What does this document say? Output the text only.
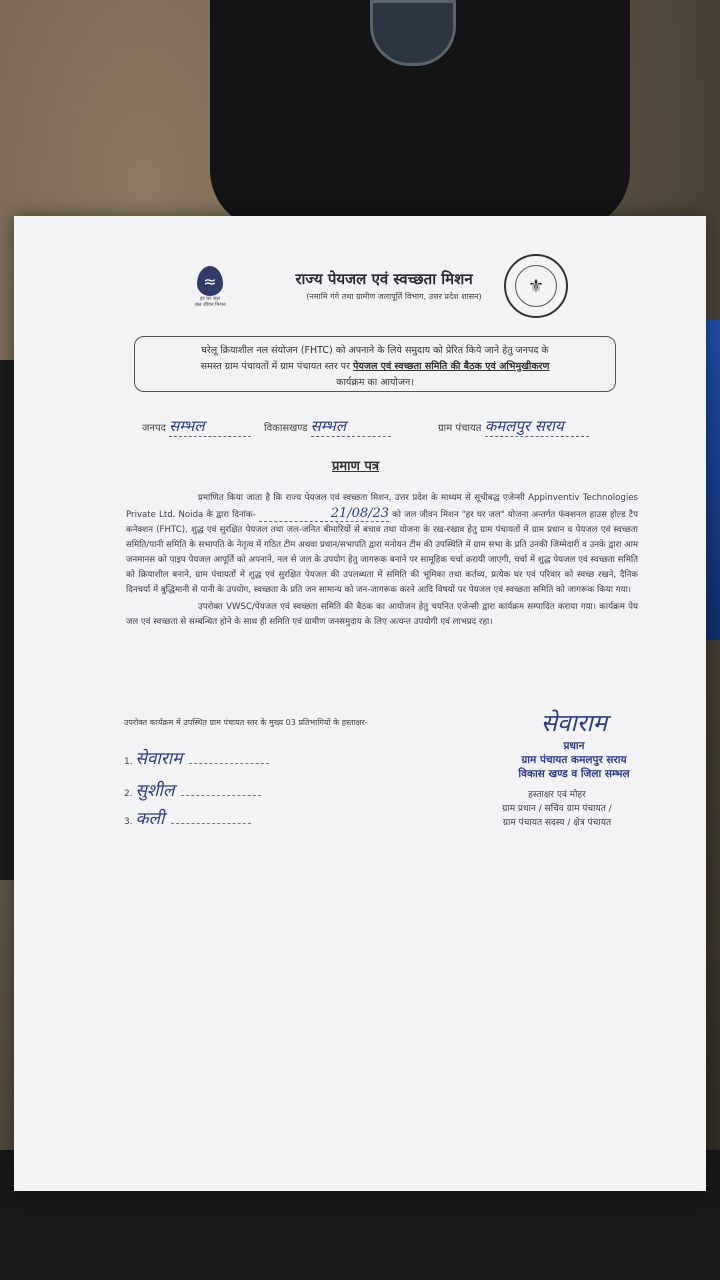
≈
हर घर जल
जल जीवन मिशन
राज्य पेयजल एवं स्वच्छता मिशन
(नमामि गंगे तथा ग्रामीण जलापूर्ति विभाग, उत्तर प्रदेश शासन)	⚜
घरेलू क्रियाशील नल संयोजन (FHTC) को अपनाने के लिये समुदाय को प्रेरित किये जाने हेतु जनपद के
समस्त ग्राम पंचायतों में ग्राम पंचायत स्तर पर पेयजल एवं स्वच्छता समिति की बैठक एवं अभिमुखीकरण
कार्यक्रम का आयोजन।
जनपद सम्भल	विकासखण्ड सम्भल	ग्राम पंचायत कमलपुर सराय
प्रमाण पत्र

प्रमाणित किया जाता है कि राज्य पेयजल एवं स्वच्छता मिशन, उत्तर प्रदेश के माध्यम से सूचीबद्ध एजेन्सी Appinventiv Technologies Private Ltd. Noida के द्वारा दिनांक-	21/08/23 को जल जीवन मिशन "हर घर जल" योजना अन्तर्गत फंक्शनल हाउस होल्ड टैप कनेक्शन (FHTC), शुद्ध एवं सुरक्षित पेयजल तथा जल-जनित बीमारियों से बचाव तथा योजना के रख-रखाव हेतु ग्राम पंचायतों में ग्राम प्रधान व पेयजल एवं स्वच्छता समिति/पानी समिति के सभापति के नेतृत्व में गठित टीम अथवा प्रधान/सभापति द्वारा मनोयन टीम की उपस्थिति में ग्राम सभा के प्रति उनकी जिम्मेदारी व उनके द्वारा आम जनमानस को पाइप पेयजल आपूर्ति को अपनाने, नल से जल के उपयोग हेतु जागरूक बनाने पर सामूहिक चर्चा करायी जाएगी, चर्चा में शुद्ध पेयजल एवं स्वच्छता समिति को क्रियाशील बनाने, ग्राम पंचायतों में शुद्ध एवं सुरक्षित पेयजल की उपलब्धता में समिति की भूमिका तथा कर्तव्य, प्रत्येक घर एवं परिवार को स्वच्छ रखने, दैनिक दिनचर्या में बुद्धिमानी से पानी के उपयोग, स्वच्छता के प्रति जन सामान्य को जन-जागरूक करने आदि विषयों पर पेयजल एवं स्वच्छता समिति को जागरूक किया गया।

उपरोक्त VWSC/पेयजल एवं स्वच्छता समिति की बैठक का आयोजन हेतु चयनित एजेन्सी द्वारा कार्यक्रम सम्पादित कराया गया। कार्यक्रम पेय जल एवं स्वच्छता से सम्बन्धित होने के साथ ही समिति एवं ग्रामीण जनसमुदाय के लिए अत्यन्त उपयोगी एवं लाभप्रद रहा।

उपरोक्त कार्यक्रम में उपस्थित ग्राम पंचायत स्तर के मुख्य 03 प्रतिभागियों के हस्ताक्षर-
1. सेवाराम
2. सुशील
3. कली
सेवाराम
प्रधान
ग्राम पंचायत कमलपुर सराय
विकास खण्ड व जिला सम्भल
हस्ताक्षर एवं मोहर
ग्राम प्रधान / सचिव ग्राम पंचायत /
ग्राम पंचायत सदस्य / क्षेत्र पंचायत
